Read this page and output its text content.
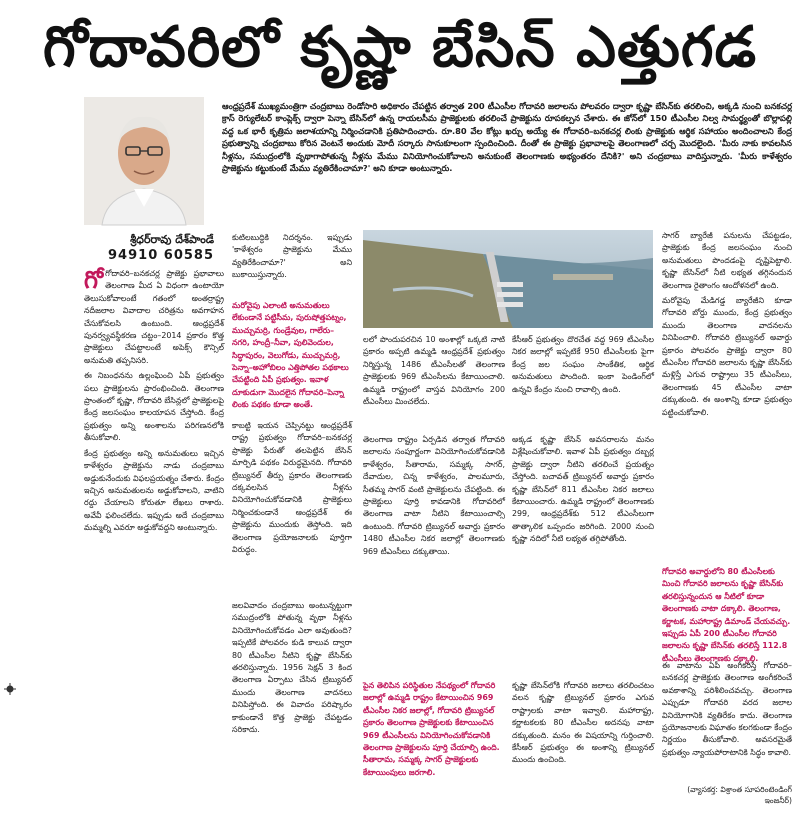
గోదావరిలో కృష్ణా బేసిన్ ఎత్తుగడ
శ్రీధర్‌రావు దేశ్‌పాండే
94910 60585
ఆంధ్రప్రదేశ్ ముఖ్యమంత్రిగా చంద్రబాబు రెండోసారి అధికారం చేపట్టిన తర్వాత 200 టీఎంసీల గోదావరి జలాలను పోలవరం ద్వారా కృష్ణా బేసిన్‌కు తరలించి, అక్కడి నుంచి బనకచర్ల క్రాస్ రెగ్యులేటర్ కాంప్లెక్స్ ద్వారా పెన్నా బేసిన్‌లో ఉన్న రాయలసీమ ప్రాజెక్టులకు తరలించే ప్రాజెక్టును రూపకల్పన చేశారు. ఈ జోన్‌లో 150 టీఎంసీల నిల్వ సామర్థ్యంతో బొల్లాపల్లి వద్ద ఒక భారీ కృత్రిమ జలాశయాన్ని నిర్మించడానికి ప్రతిపాదించారు. రూ.80 వేల కోట్లు ఖర్చు అయ్యే ఈ గోదావరి–బనకచర్ల లింకు ప్రాజెక్టుకు ఆర్థిక సహాయం అందించాలని కేంద్ర ప్రభుత్వాన్ని చంద్రబాబు కోరిన వెంటనే అందుకు మోదీ సర్కారు సానుకూలంగా స్పందించింది. దీంతో ఈ ప్రాజెక్టు ప్రభావాలపై తెలంగాణలో చర్చ మొదలైంది. 'మీరు నాకు కావలసిన నీళ్లను, సముద్రంలోకి వృథాగాపోతున్న నీళ్లను మేము వినియోగించుకోవాలని అనుకుంటే తెలంగాణకు అభ్యంతరం దేనికి?' అని చంద్రబాబు వాదిస్తున్నారు. 'మీరు కాళేశ్వరం ప్రాజెక్టును కట్టుకుంటే మేము వ్యతిరేకించామా?' అని కూడా అంటున్నారు.

గోగోదావరి–బనకచర్ల ప్రాజెక్టు ప్రభావాలు తెలంగాణ మీద ఏ విధంగా ఉంటాయో తెలుసుకోవాలంటే గతంలో అంతర్రాష్ట్ర నదీజలాల వివాదాల చరిత్రను అవగాహన చేసుకోవలసి ఉంటుంది. ఆంధ్రప్రదేశ్ పునర్వ్యవస్థీకరణ చట్టం–2014 ప్రకారం కొత్త ప్రాజెక్టులు చేపట్టాలంటే అపెక్స్ కౌన్సిల్ అనుమతి తప్పనిసరి.

ఈ నిబంధనను ఉల్లంఘించి ఏపీ ప్రభుత్వం పలు ప్రాజెక్టులను ప్రారంభించింది. తెలంగాణ ప్రాంతంలో కృష్ణా, గోదావరి బేసిన్లలో ప్రాజెక్టులపై కేంద్ర జలసంఘం కాలయాపన చేస్తోంది. కేంద్ర ప్రభుత్వం అన్ని అంశాలను పరిగణనలోకి తీసుకోవాలి.

కేంద్ర ప్రభుత్వం అన్ని అనుమతులు ఇచ్చిన కాళేశ్వరం ప్రాజెక్టును నాడు చంద్రబాబు అడ్డుకునేందుకు విఫలప్రయత్నం చేశారు. కేంద్రం ఇచ్చిన అనుమతులను అడ్డుకోవాలని, వాటిని రద్దు చేయాలని కోరుతూ లేఖలు రాశారు. అవేవీ ఫలించలేదు. ఇప్పుడు అదే చంద్రబాబు మమ్మల్ని ఎవరూ అడ్డుకోవద్దని అంటున్నారు.

కుటిలబుద్ధికి నిదర్శనం. ఇప్పుడు 'కాళేశ్వరం ప్రాజెక్టును మేము వ్యతిరేకించామా?' అని బుకాయిస్తున్నారు.
మరోవైపు ఎలాంటి అనుమతులు లేకుండానే పట్టిసీమ, పురుషోత్తపట్నం, ముచ్చుమర్రి, గుండ్రేవుల, గాలేరు–నగరి, హంద్రీ–నీవా, పులివెందుల, సిద్ధాపురం, వెలుగోడు, ముచ్చుమర్రి, పెన్నా–అహోబిలం ఎత్తిపోతల పథకాలు చేపట్టింది ఏపీ ప్రభుత్వం. ఇవాళ దూకుడుగా మొదలైన గోదావరి–పెన్నా లింకు పథకం కూడా అంతే.
కాబట్టి ఇయన చెప్పినట్టు ఆంధ్రప్రదేశ్ రాష్ట్ర ప్రభుత్వం గోదావరి–బనకచర్ల ప్రాజెక్టు పేరుతో తలపెట్టిన బేసిన్ మార్పిడి పథకం విరుద్ధమైనది. గోదావరి ట్రిబ్యునల్ తీర్పు ప్రకారం తెలంగాణకు దక్కవలసిన నీళ్లను వినియోగించుకోవడానికి ప్రాజెక్టులు నిర్మించకుండానే ఆంధ్రప్రదేశ్ ఈ ప్రాజెక్టును ముందుకు తెస్తోంది. ఇది తెలంగాణ ప్రయోజనాలకు పూర్తిగా విరుద్ధం.
జలవివాదం చంద్రబాబు అంటున్నట్టుగా సముద్రంలోకి పోతున్న వృథా నీళ్లను వినియోగించుకోవడం ఎలా అవుతుంది? ఇప్పటికే పోలవరం కుడి కాలువ ద్వారా 80 టీఎంసీల నీటిని కృష్ణా బేసిన్‌కు తరలిస్తున్నారు. 1956 సెక్షన్ 3 కింద తెలంగాణ ఏర్పాటు చేసిన ట్రిబ్యునల్ ముందు తెలంగాణ వాదనలు వినిపిస్తోంది. ఈ వివాదం పరిష్కారం కాకుండానే కొత్త ప్రాజెక్టు చేపట్టడం సరికాదు.
లలో పొందుపరచిన 10 అంశాల్లో ఒక్కటి నాటి ప్రకారం అప్పటి ఉమ్మడి ఆంధ్రప్రదేశ్ ప్రభుత్వం నిర్మిస్తున్న 1486 టీఎంసీలతో తెలంగాణ ప్రాజెక్టులకు 969 టీఎంసీలను కేటాయించాలి. ఉమ్మడి రాష్ట్రంలో వాస్తవ వినియోగం 200 టీఎంసీలు మించలేదు.
కేసీఆర్ ప్రభుత్వం దొరచేత వద్ద 969 టీఎంసీల నికర జలాల్లో ఇప్పటికే 950 టీఎంసీలకు పైగా కేంద్ర జల సంఘం సాంకేతిక, ఆర్థిక అనుమతులు పొందింది. ఇంకా పెండింగ్‌లో ఉన్నవి కేంద్రం నుంచి రావాల్సి ఉంది.
తెలంగాణ రాష్ట్రం ఏర్పడిన తర్వాత గోదావరి జలాలను సంపూర్ణంగా వినియోగించుకోవడానికి కాళేశ్వరం, సీతారామ, సమ్మక్క సాగర్, దేవాదుల, చిన్న కాళేశ్వరం, పాలమూరు, సీతమ్మ సాగర్ వంటి ప్రాజెక్టులను చేపట్టింది. ఈ ప్రాజెక్టులు పూర్తి కావడానికి గోదావరిలో తెలంగాణ వాటా నీటిని కేటాయించాల్సి ఉంటుంది. గోదావరి ట్రిబ్యునల్ అవార్డు ప్రకారం 1480 టీఎంసీల నికర జలాల్లో తెలంగాణకు 969 టీఎంసీలు దక్కుతాయి.
అక్కడ కృష్ణా బేసిన్ అవసరాలను మనం విశ్లేషించుకోవాలి. ఇవాళ ఏపీ ప్రభుత్వం దబ్బర్ల ప్రాజెక్టు ద్వారా నీటిని తరలించే ప్రయత్నం చేస్తోంది. బచావత్ ట్రిబ్యునల్ అవార్డు ప్రకారం కృష్ణా బేసిన్‌లో 811 టీఎంసీల నికర జలాలు కేటాయించారు. ఉమ్మడి రాష్ట్రంలో తెలంగాణకు 299, ఆంధ్రప్రదేశ్‌కు 512 టీఎంసీలుగా తాత్కాలిక ఒప్పందం జరిగింది. 2000 నుంచి కృష్ణా నదిలో నీటి లభ్యత తగ్గిపోతోంది.
పైన తెలిపిన పరిస్థితుల నేపథ్యంలో గోదావరి జలాల్లో ఉమ్మడి రాష్ట్రం కేటాయించిన 969 టీఎంసీల నికర జలాల్లో, గోదావరి ట్రిబ్యునల్ ప్రకారం తెలంగాణ ప్రాజెక్టులకు కేటాయించిన 969 టీఎంసీలను వినియోగించుకోవడానికి తెలంగాణ ప్రాజెక్టులను పూర్తి చేయాల్సి ఉంది. సీతారామ, సమ్మక్క సాగర్ ప్రాజెక్టులకు కేటాయింపులు జరగాలి.
కృష్ణా బేసిన్‌లోకి గోదావరి జలాలు తరలించటం వలన కృష్ణా ట్రిబ్యునల్ ప్రకారం ఎగువ రాష్ట్రాలకు వాటా ఇవ్వాలి. మహారాష్ట్ర, కర్ణాటకలకు 80 టీఎంసీల అదనపు వాటా దక్కుతుంది. మనం ఈ విషయాన్ని గుర్తించాలి. కేసీఆర్ ప్రభుత్వం ఈ అంశాన్ని ట్రిబ్యునల్ ముందు ఉంచింది.

సాగర్ బ్యారేజీ పనులను చేపట్టడం, ప్రాజెక్టుకు కేంద్ర జలసంఘం నుంచి అనుమతులు పొందడంపై దృష్టిపెట్టాలి. కృష్ణా బేసిన్‌లో నీటి లభ్యత తగ్గినందున తెలంగాణ రైతాంగం ఆందోళనలో ఉంది.

మరోవైపు మేడిగడ్డ బ్యారేజీని కూడా గోదావరి బోర్డు ముందు, కేంద్ర ప్రభుత్వం ముందు తెలంగాణ వాదనలను వినిపించాలి. గోదావరి ట్రిబ్యునల్ అవార్డు ప్రకారం పోలవరం ప్రాజెక్టు ద్వారా 80 టీఎంసీల గోదావరి జలాలను కృష్ణా బేసిన్‌కు మళ్లిస్తే ఎగువ రాష్ట్రాలు 35 టీఎంసీలు, తెలంగాణకు 45 టీఎంసీల వాటా దక్కుతుంది. ఈ అంశాన్ని కూడా ప్రభుత్వం పట్టించుకోవాలి.

గోదావరి అవార్డులోని 80 టీఎంసీలకు మించి గోదావరి జలాలను కృష్ణా బేసిన్‌కు తరలిస్తున్నందున ఆ నీటిలో కూడా తెలంగాణకు వాటా దక్కాలి. తెలంగాణ, కర్ణాటక, మహారాష్ట్ర డిమాండ్ చేయవచ్చు. ఇప్పుడు ఏపీ 200 టీఎంసీల గోదావరి జలాలను కృష్ణా బేసిన్‌కు తరలిస్తే 112.8 టీఎంసీలు తెలంగాణకు దక్కాలి.
ఈ వాటాను ఏపీ అంగీకరిస్తే గోదావరి–బనకచర్ల ప్రాజెక్టుకు తెలంగాణ అంగీకరించే అవకాశాన్ని పరిశీలించవచ్చు. తెలంగాణ ఎప్పుడూ గోదావరి వరద జలాల వినియోగానికి వ్యతిరేకం కాదు. తెలంగాణ ప్రయోజనాలకు విఘాతం కలగకుండా కేంద్రం నిర్ణయం తీసుకోవాలి. అవసరమైతే ప్రభుత్వం న్యాయపోరాటానికి సిద్ధం కావాలి.
(వ్యాసకర్త: విశ్రాంత సూపరింటెండింగ్ ఇంజనీర్)
